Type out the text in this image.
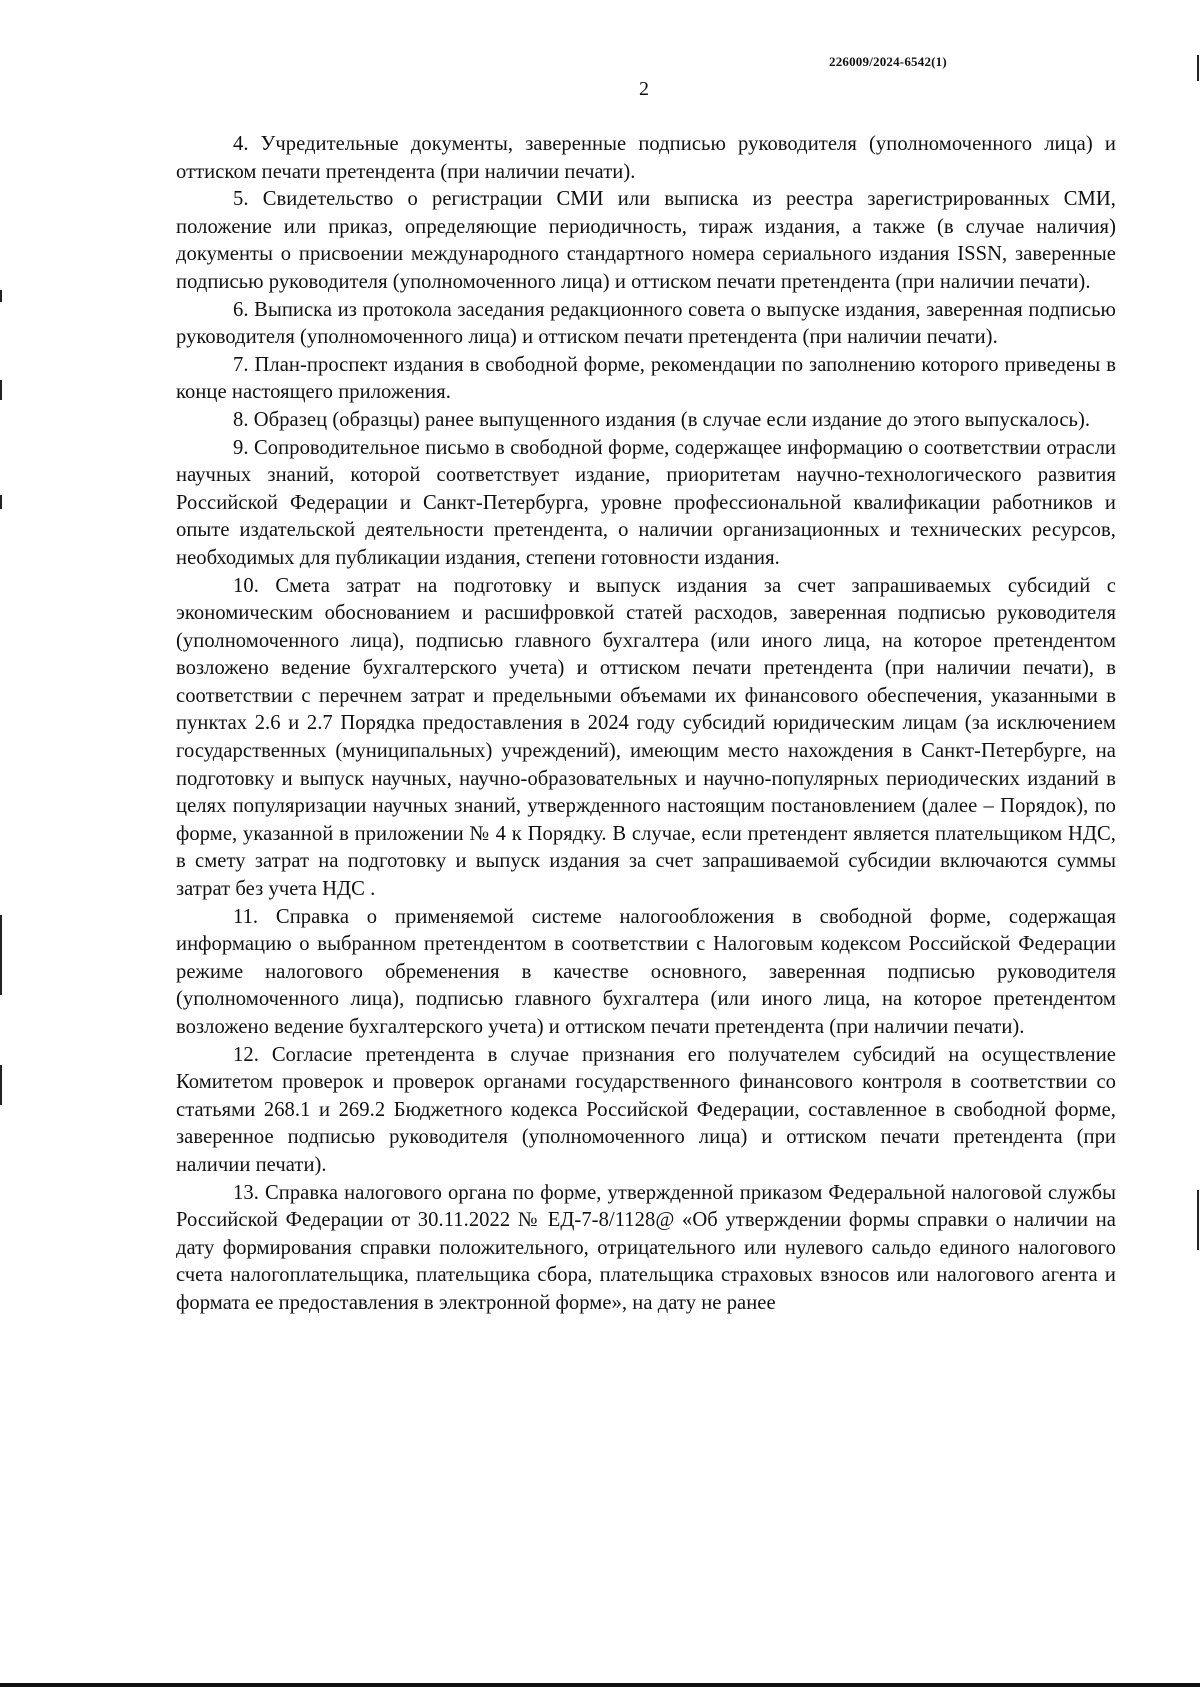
226009/2024-6542(1)
2

4. Учредительные документы, заверенные подписью руководителя (уполномоченного лица) и оттиском печати претендента (при наличии печати).

5. Свидетельство о регистрации СМИ или выписка из реестра зарегистрированных СМИ, положение или приказ, определяющие периодичность, тираж издания, а также (в случае наличия) документы о присвоении международного стандартного номера сериального издания ISSN, заверенные подписью руководителя (уполномоченного лица) и оттиском печати претендента (при наличии печати).

6. Выписка из протокола заседания редакционного совета о выпуске издания, заверенная подписью руководителя (уполномоченного лица) и оттиском печати претендента (при наличии печати).

7. План-проспект издания в свободной форме, рекомендации по заполнению которого приведены в конце настоящего приложения.

8. Образец (образцы) ранее выпущенного издания (в случае если издание до этого выпускалось).

9. Сопроводительное письмо в свободной форме, содержащее информацию о соответствии отрасли научных знаний, которой соответствует издание, приоритетам научно-технологического развития Российской Федерации и Санкт-Петербурга, уровне профессиональной квалификации работников и опыте издательской деятельности претендента, о наличии организационных и технических ресурсов, необходимых для публикации издания, степени готовности издания.

10. Смета затрат на подготовку и выпуск издания за счет запрашиваемых субсидий с экономическим обоснованием и расшифровкой статей расходов, заверенная подписью руководителя (уполномоченного лица), подписью главного бухгалтера (или иного лица, на которое претендентом возложено ведение бухгалтерского учета) и оттиском печати претендента (при наличии печати), в соответствии с перечнем затрат и предельными объемами их финансового обеспечения, указанными в пунктах 2.6 и 2.7 Порядка предоставления в 2024 году субсидий юридическим лицам (за исключением государственных (муниципальных) учреждений), имеющим место нахождения в Санкт-Петербурге, на подготовку и выпуск научных, научно-образовательных и научно-популярных периодических изданий в целях популяризации научных знаний, утвержденного настоящим постановлением (далее – Порядок), по форме, указанной в приложении № 4 к Порядку. В случае, если претендент является плательщиком НДС, в смету затрат на подготовку и выпуск издания за счет запрашиваемой субсидии включаются суммы затрат без учета НДС .

11. Справка о применяемой системе налогообложения в свободной форме, содержащая информацию о выбранном претендентом в соответствии с Налоговым кодексом Российской Федерации режиме налогового обременения в качестве основного, заверенная подписью руководителя (уполномоченного лица), подписью главного бухгалтера (или иного лица, на которое претендентом возложено ведение бухгалтерского учета) и оттиском печати претендента (при наличии печати).

12. Согласие претендента в случае признания его получателем субсидий на осуществление Комитетом проверок и проверок органами государственного финансового контроля в соответствии со статьями 268.1 и 269.2 Бюджетного кодекса Российской Федерации, составленное в свободной форме, заверенное подписью руководителя (уполномоченного лица) и оттиском печати претендента (при наличии печати).

13. Справка налогового органа по форме, утвержденной приказом Федеральной налоговой службы Российской Федерации от 30.11.2022 № ЕД-7-8/1128@ «Об утверждении формы справки о наличии на дату формирования справки положительного, отрицательного или нулевого сальдо единого налогового счета налогоплательщика, плательщика сбора, плательщика страховых взносов или налогового агента и формата ее предоставления в электронной форме», на дату не ранее
